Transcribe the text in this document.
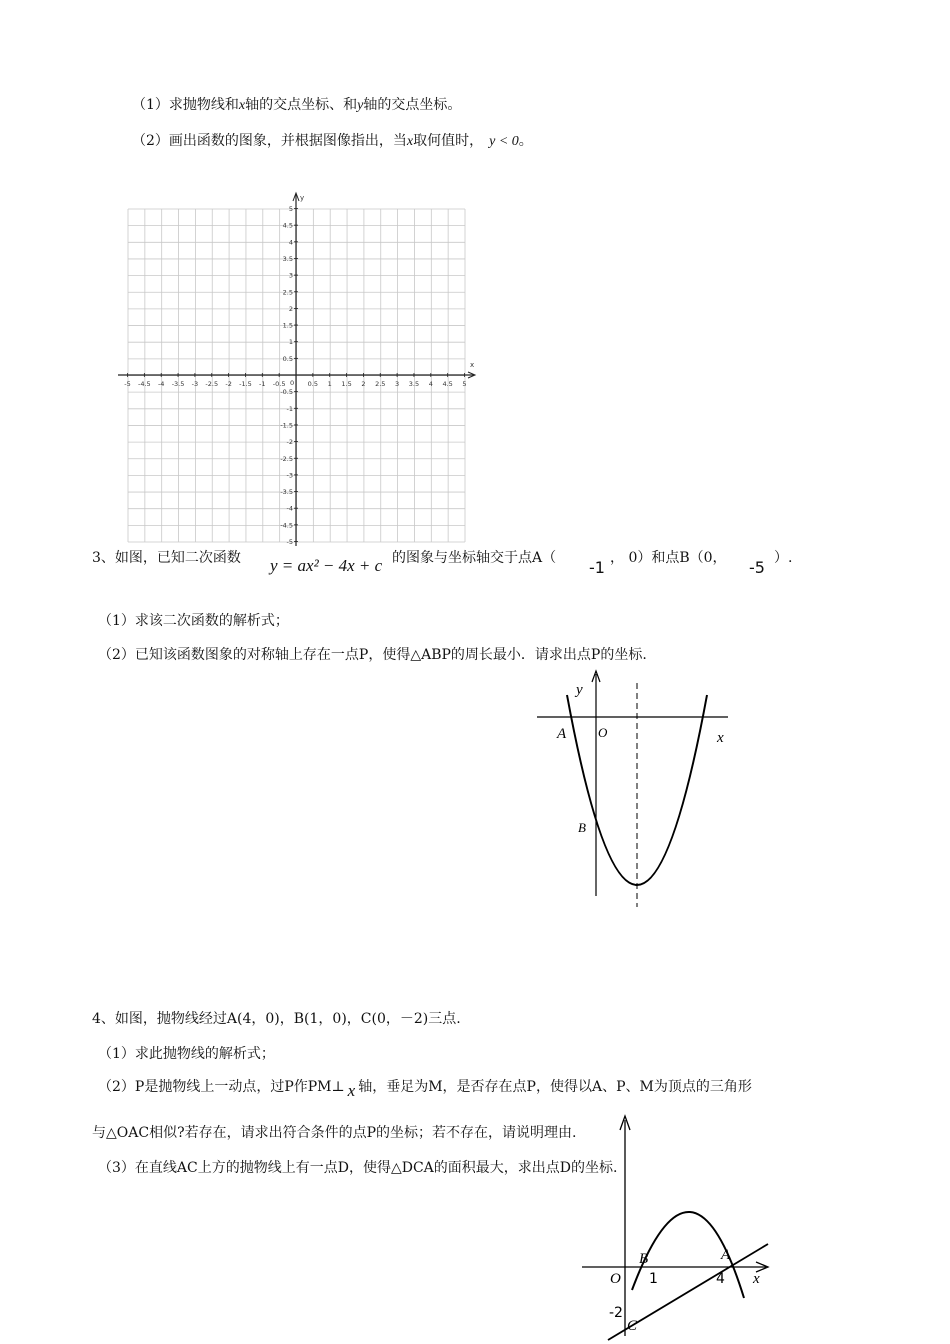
（1）求抛物线和x轴的交点坐标、和y轴的交点坐标。
（2）画出函数的图象，并根据图像指出，当x取何值时， y < 0。
x
y
0
-5 -4.5 -4 -3.5 -3 -2.5 -2 -1.5 -1 -0.5	0.5 1 1.5 2 2.5 3 3.5 4 4.5 5
5
4.5
4
3.5
3
2.5
2
1.5
1
0.5
-0.5
-1
-1.5
-2
-2.5
-3
-3.5
-4
-4.5
-5
3、如图，已知二次函数 y = ax² − 4x + c 的图象与坐标轴交于点A（ -1 ， 0）和点B（0， -5 ）.
（1）求该二次函数的解析式；
（2）已知该函数图象的对称轴上存在一点P，使得△ABP的周长最小．请求出点P的坐标.
y
x
A O
B
4、如图，抛物线经过A(4，0)，B(1，0)，C(0，－2)三点.
（1）求此抛物线的解析式；
（2）P是抛物线上一动点，过P作PM⊥ x 轴，垂足为M，是否存在点P，使得以A、P、M为顶点的三角形
与△OAC相似?若存在，请求出符合条件的点P的坐标；若不存在，请说明理由.
（3）在直线AC上方的抛物线上有一点D，使得△DCA的面积最大，求出点D的坐标.
O
B
1
A
4 x
-2
C
